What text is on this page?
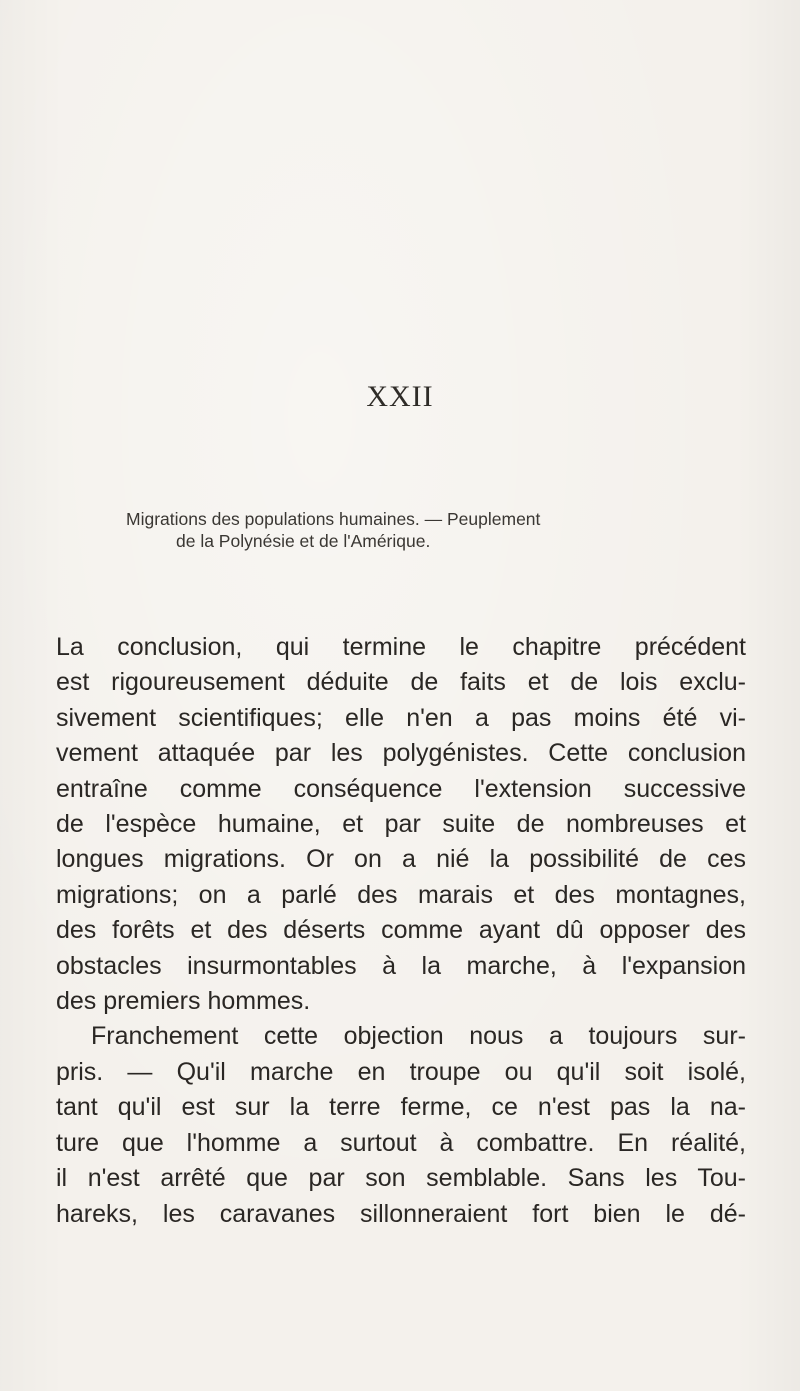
XXII
Migrations des populations humaines. — Peuplement
de la Polynésie et de l'Amérique.
La conclusion, qui termine le chapitre précédent
est rigoureusement déduite de faits et de lois exclu-
sivement scientifiques; elle n'en a pas moins été vi-
vement attaquée par les polygénistes. Cette conclusion
entraîne comme conséquence l'extension successive
de l'espèce humaine, et par suite de nombreuses et
longues migrations. Or on a nié la possibilité de ces
migrations; on a parlé des marais et des montagnes,
des forêts et des déserts comme ayant dû opposer des
obstacles insurmontables à la marche, à l'expansion
des premiers hommes.
Franchement cette objection nous a toujours sur-
pris. — Qu'il marche en troupe ou qu'il soit isolé,
tant qu'il est sur la terre ferme, ce n'est pas la na-
ture que l'homme a surtout à combattre. En réalité,
il n'est arrêté que par son semblable. Sans les Tou-
hareks, les caravanes sillonneraient fort bien le dé-
